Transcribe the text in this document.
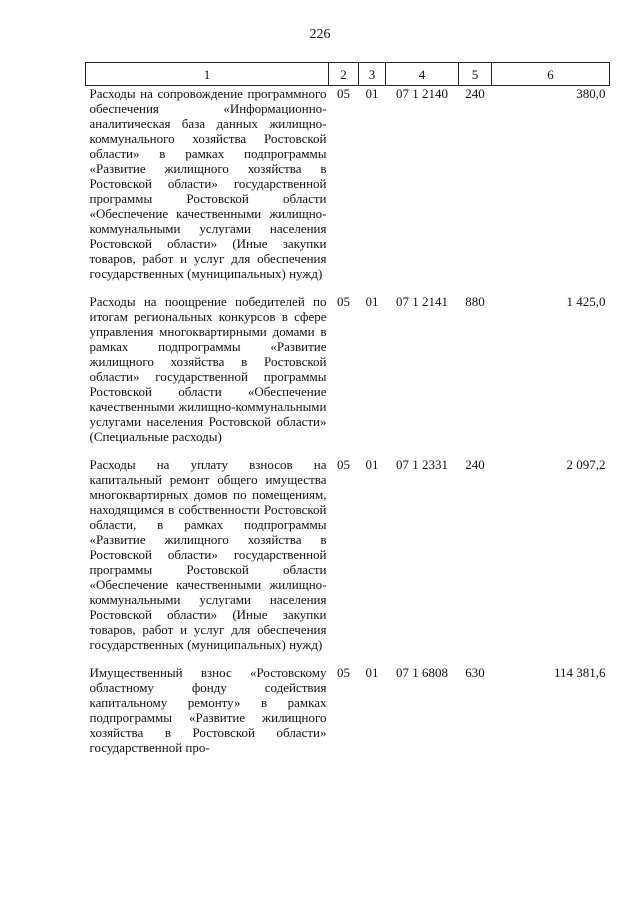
226
1	2	3	4	5	6
Расходы на сопровождение программного обеспечения «Информационно-аналитическая база данных жилищно-коммунального хозяйства Ростовской области» в рамках подпрограммы «Развитие жилищного хозяйства в Ростовской области» государственной программы Ростовской области «Обеспечение качественными жилищно-коммунальными услугами населения Ростовской области» (Иные закупки товаров, работ и услуг для обеспечения государственных (муниципальных) нужд)	05	01	07 1 2140	240	380,0
Расходы на поощрение победителей по итогам региональных конкурсов в сфере управления многоквартирными домами в рамках подпрограммы «Развитие жилищного хозяйства в Ростовской области» государственной программы Ростовской области «Обеспечение качественными жилищно-коммунальными услугами населения Ростовской области» (Специальные расходы)	05	01	07 1 2141	880	1 425,0
Расходы на уплату взносов на капитальный ремонт общего имущества многоквартирных домов по помещениям, находящимся в собственности Ростовской области, в рамках подпрограммы «Развитие жилищного хозяйства в Ростовской области» государственной программы Ростовской области «Обеспечение качественными жилищно-коммунальными услугами населения Ростовской области» (Иные закупки товаров, работ и услуг для обеспечения государственных (муниципальных) нужд)	05	01	07 1 2331	240	2 097,2
Имущественный взнос «Ростовскому областному фонду содействия капитальному ремонту» в рамках подпрограммы «Развитие жилищного хозяйства в Ростовской области» государственной про-	05	01	07 1 6808	630	114 381,6
